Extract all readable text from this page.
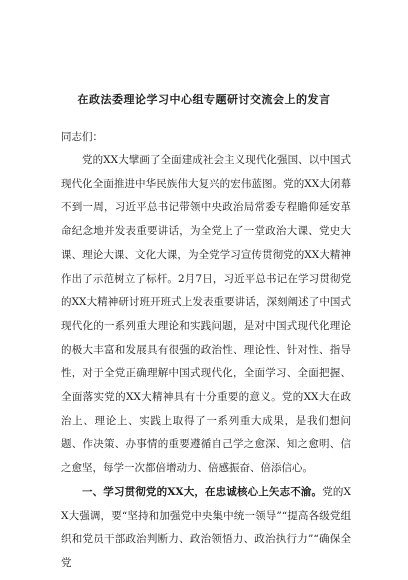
在政法委理论学习中心组专题研讨交流会上的发言
同志们：

党的XX大擘画了全面建成社会主义现代化强国、以中国式现代化全面推进中华民族伟大复兴的宏伟蓝图。党的XX大闭幕不到一周，习近平总书记带领中央政治局常委专程瞻仰延安革命纪念地并发表重要讲话，为全党上了一堂政治大课、党史大课、理论大课、文化大课，为全党学习宣传贯彻党的XX大精神作出了示范树立了标杆。2月7日，习近平总书记在学习贯彻党的XX大精神研讨班开班式上发表重要讲话，深刻阐述了中国式现代化的一系列重大理论和实践问题，是对中国式现代化理论的极大丰富和发展具有很强的政治性、理论性、针对性、指导性，对于全党正确理解中国式现代化，全面学习、全面把握、全面落实党的XX大精神具有十分重要的意义。党的XX大在政治上、理论上、实践上取得了一系列重大成果，是我们想问题、作决策、办事情的重要遵循自己学之愈深、知之愈明、信之愈坚，每学一次都倍增动力、倍感振奋、倍添信心。

一、学习贯彻党的XX大，在忠诚核心上矢志不渝。党的XX大强调，要“坚持和加强党中央集中统一领导”“提高各级党组织和党员干部政治判断力、政治领悟力、政治执行力”“确保全党
